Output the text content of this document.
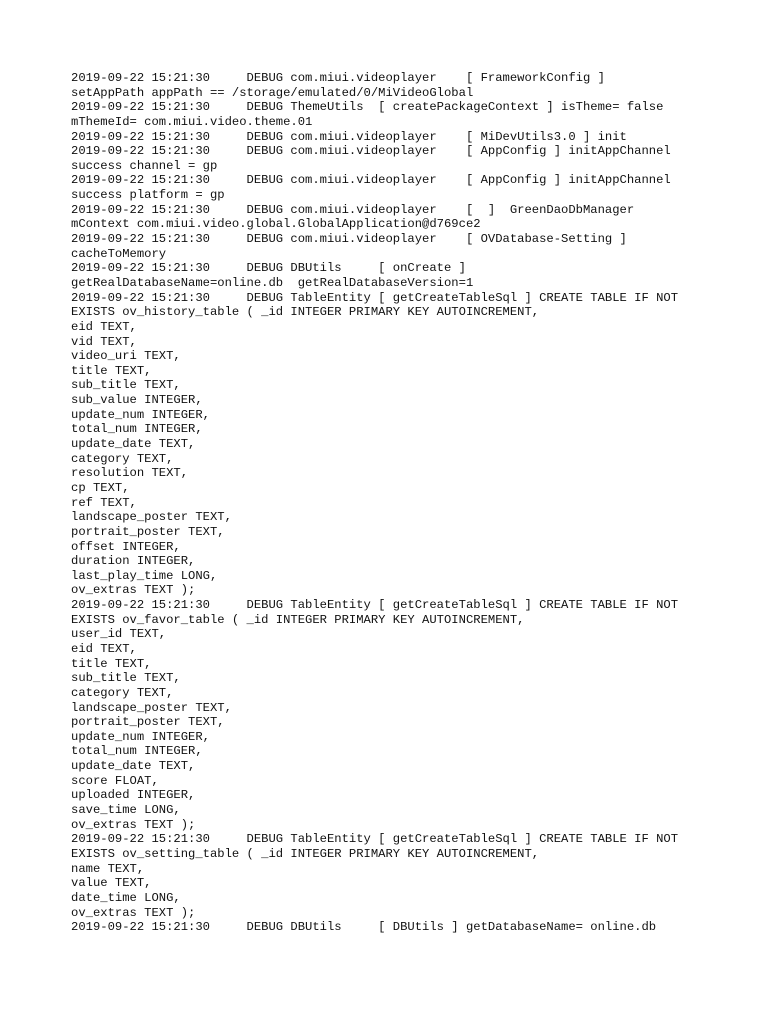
2019-09-22 15:21:30     DEBUG com.miui.videoplayer    [ FrameworkConfig ]
setAppPath appPath == /storage/emulated/0/MiVideoGlobal
2019-09-22 15:21:30     DEBUG ThemeUtils  [ createPackageContext ] isTheme= false
mThemeId= com.miui.video.theme.01
2019-09-22 15:21:30     DEBUG com.miui.videoplayer    [ MiDevUtils3.0 ] init
2019-09-22 15:21:30     DEBUG com.miui.videoplayer    [ AppConfig ] initAppChannel
success channel = gp
2019-09-22 15:21:30     DEBUG com.miui.videoplayer    [ AppConfig ] initAppChannel
success platform = gp
2019-09-22 15:21:30     DEBUG com.miui.videoplayer    [  ]  GreenDaoDbManager
mContext com.miui.video.global.GlobalApplication@d769ce2
2019-09-22 15:21:30     DEBUG com.miui.videoplayer    [ OVDatabase-Setting ]
cacheToMemory
2019-09-22 15:21:30     DEBUG DBUtils     [ onCreate ]
getRealDatabaseName=online.db  getRealDatabaseVersion=1
2019-09-22 15:21:30     DEBUG TableEntity [ getCreateTableSql ] CREATE TABLE IF NOT
EXISTS ov_history_table ( _id INTEGER PRIMARY KEY AUTOINCREMENT,
eid TEXT,
vid TEXT,
video_uri TEXT,
title TEXT,
sub_title TEXT,
sub_value INTEGER,
update_num INTEGER,
total_num INTEGER,
update_date TEXT,
category TEXT,
resolution TEXT,
cp TEXT,
ref TEXT,
landscape_poster TEXT,
portrait_poster TEXT,
offset INTEGER,
duration INTEGER,
last_play_time LONG,
ov_extras TEXT );
2019-09-22 15:21:30     DEBUG TableEntity [ getCreateTableSql ] CREATE TABLE IF NOT
EXISTS ov_favor_table ( _id INTEGER PRIMARY KEY AUTOINCREMENT,
user_id TEXT,
eid TEXT,
title TEXT,
sub_title TEXT,
category TEXT,
landscape_poster TEXT,
portrait_poster TEXT,
update_num INTEGER,
total_num INTEGER,
update_date TEXT,
score FLOAT,
uploaded INTEGER,
save_time LONG,
ov_extras TEXT );
2019-09-22 15:21:30     DEBUG TableEntity [ getCreateTableSql ] CREATE TABLE IF NOT
EXISTS ov_setting_table ( _id INTEGER PRIMARY KEY AUTOINCREMENT,
name TEXT,
value TEXT,
date_time LONG,
ov_extras TEXT );
2019-09-22 15:21:30     DEBUG DBUtils     [ DBUtils ] getDatabaseName= online.db
